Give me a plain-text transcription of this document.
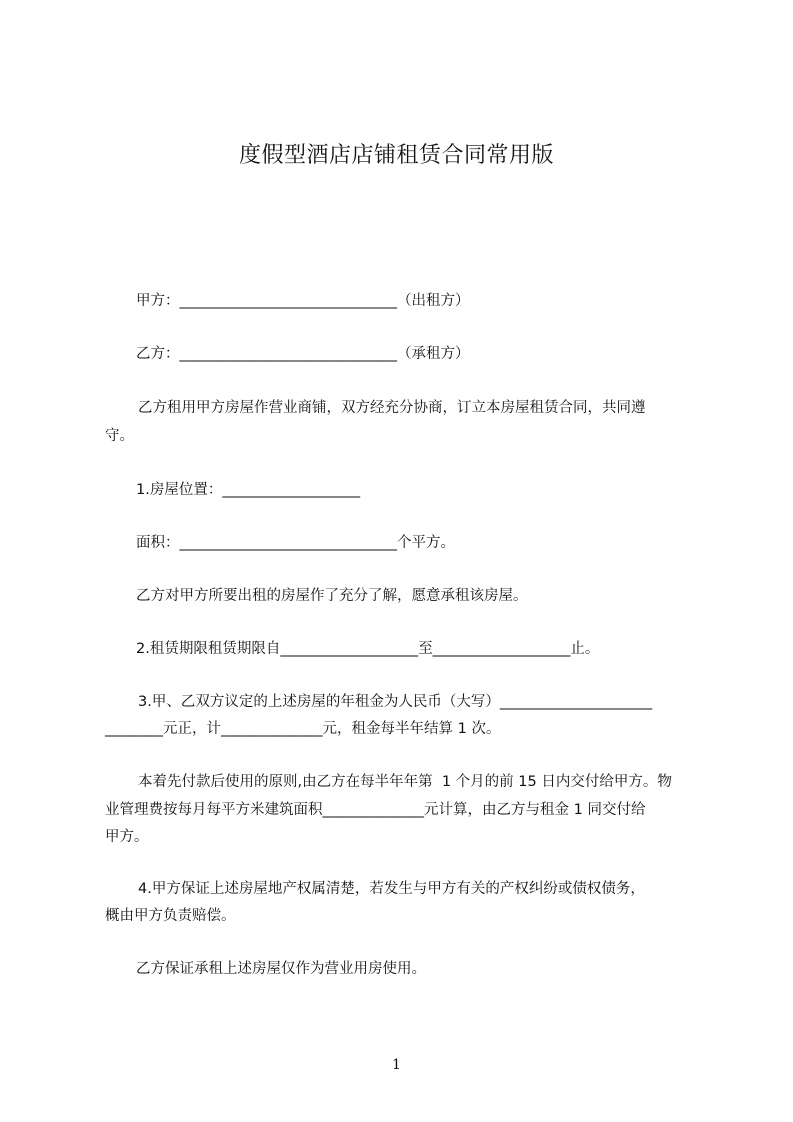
度假型酒店店铺租赁合同常用版
甲方：______________________________（出租方）
乙方：______________________________（承租方）
乙方租用甲方房屋作营业商铺，双方经充分协商，订立本房屋租赁合同，共同遵
守。
1.房屋位置：___________________
面积：______________________________个平方。
乙方对甲方所要出租的房屋作了充分了解，愿意承租该房屋。
2.租赁期限租赁期限自___________________至___________________止。
3.甲、乙双方议定的上述房屋的年租金为人民币（大写）_____________________
________元正，计______________元，租金每半年结算 1 次。
本着先付款后使用的原则,由乙方在每半年年第  1 个月的前 15 日内交付给甲方。物
业管理费按每月每平方米建筑面积______________元计算，由乙方与租金 1 同交付给
甲方。
4.甲方保证上述房屋地产权属清楚，若发生与甲方有关的产权纠纷或债权债务，
概由甲方负责赔偿。
乙方保证承租上述房屋仅作为营业用房使用。
1
